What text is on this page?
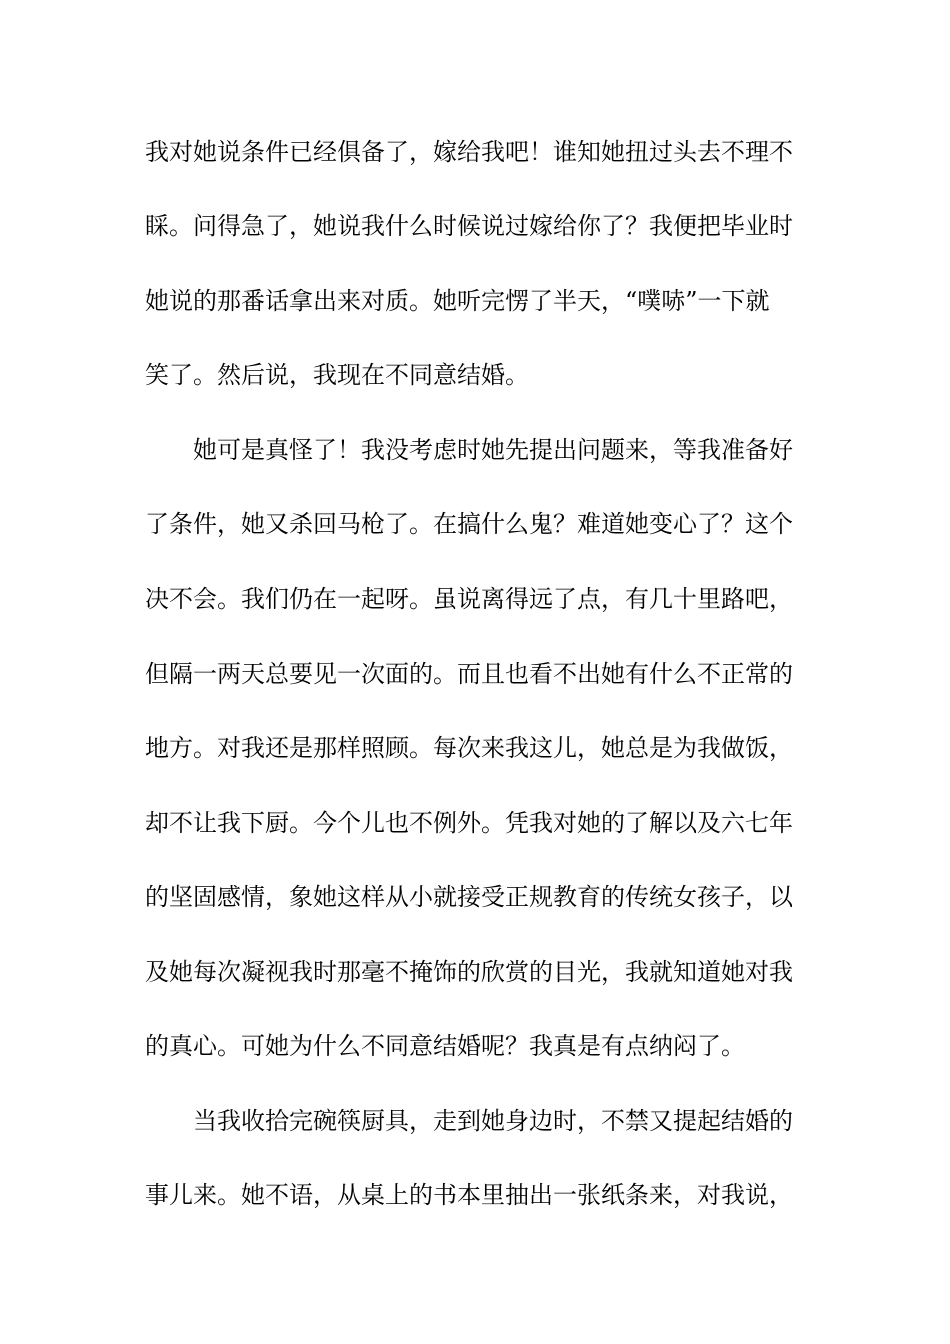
我对她说条件已经俱备了，嫁给我吧！谁知她扭过头去不理不
睬。问得急了，她说我什么时候说过嫁给你了？我便把毕业时
她说的那番话拿出来对质。她听完愣了半天，“噗哧”一下就
笑了。然后说，我现在不同意结婚。
她可是真怪了！我没考虑时她先提出问题来，等我准备好
了条件，她又杀回马枪了。在搞什么鬼？难道她变心了？这个
决不会。我们仍在一起呀。虽说离得远了点，有几十里路吧，
但隔一两天总要见一次面的。而且也看不出她有什么不正常的
地方。对我还是那样照顾。每次来我这儿，她总是为我做饭，
却不让我下厨。今个儿也不例外。凭我对她的了解以及六七年
的坚固感情，象她这样从小就接受正规教育的传统女孩子，以
及她每次凝视我时那毫不掩饰的欣赏的目光，我就知道她对我
的真心。可她为什么不同意结婚呢？我真是有点纳闷了。
当我收拾完碗筷厨具，走到她身边时，不禁又提起结婚的
事儿来。她不语，从桌上的书本里抽出一张纸条来，对我说，
